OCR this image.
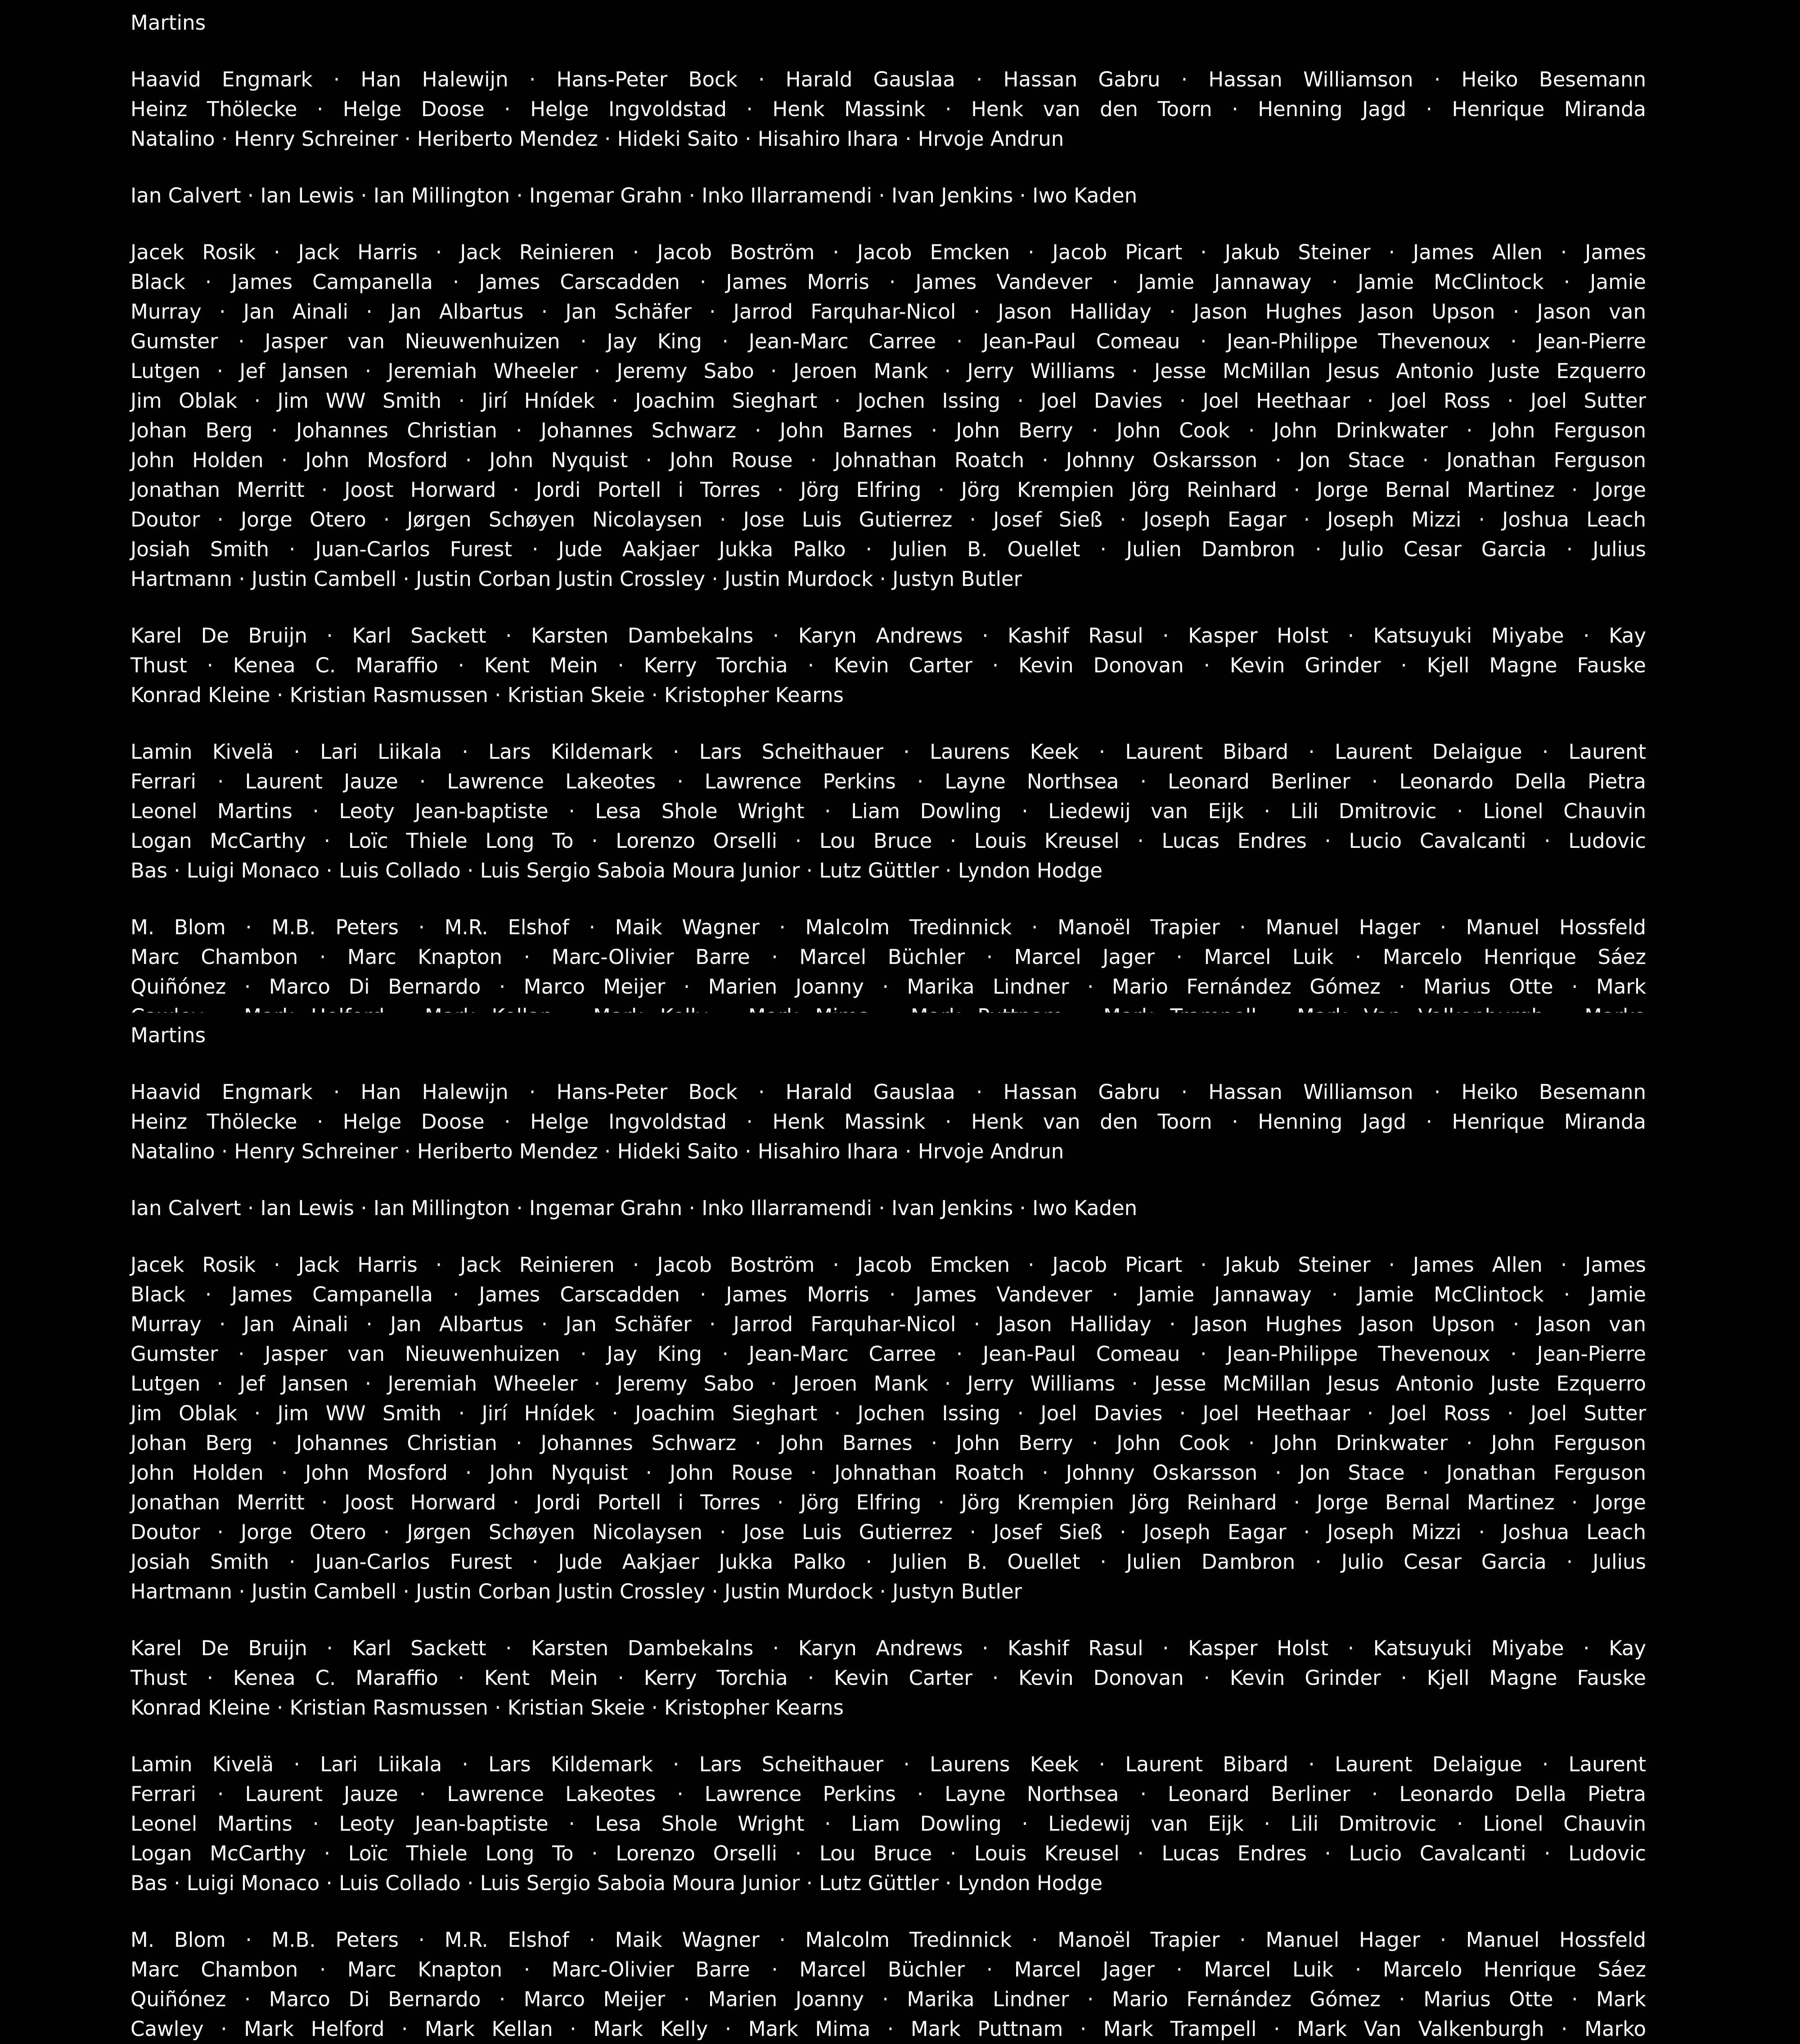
Martins
Haavid Engmark · Han Halewijn · Hans-Peter Bock · Harald Gauslaa · Hassan Gabru · Hassan Williamson · Heiko Besemann
Heinz Thölecke · Helge Doose · Helge Ingvoldstad · Henk Massink · Henk van den Toorn · Henning Jagd · Henrique Miranda
Natalino · Henry Schreiner · Heriberto Mendez · Hideki Saito · Hisahiro Ihara · Hrvoje Andrun
Ian Calvert · Ian Lewis · Ian Millington · Ingemar Grahn · Inko Illarramendi · Ivan Jenkins · Iwo Kaden
Jacek Rosik · Jack Harris · Jack Reinieren · Jacob Boström · Jacob Emcken · Jacob Picart · Jakub Steiner · James Allen · James
Black · James Campanella · James Carscadden · James Morris · James Vandever · Jamie Jannaway · Jamie McClintock · Jamie
Murray · Jan Ainali · Jan Albartus · Jan Schäfer · Jarrod Farquhar-Nicol · Jason Halliday · Jason Hughes Jason Upson · Jason van
Gumster · Jasper van Nieuwenhuizen · Jay King · Jean-Marc Carree · Jean-Paul Comeau · Jean-Philippe Thevenoux · Jean-Pierre
Lutgen · Jef Jansen · Jeremiah Wheeler · Jeremy Sabo · Jeroen Mank · Jerry Williams · Jesse McMillan Jesus Antonio Juste Ezquerro
Jim Oblak · Jim WW Smith · Jirí Hnídek · Joachim Sieghart · Jochen Issing · Joel Davies · Joel Heethaar · Joel Ross · Joel Sutter
Johan Berg · Johannes Christian · Johannes Schwarz · John Barnes · John Berry · John Cook · John Drinkwater · John Ferguson
John Holden · John Mosford · John Nyquist · John Rouse · Johnathan Roatch · Johnny Oskarsson · Jon Stace · Jonathan Ferguson
Jonathan Merritt · Joost Horward · Jordi Portell i Torres · Jörg Elfring · Jörg Krempien Jörg Reinhard · Jorge Bernal Martinez · Jorge
Doutor · Jorge Otero · Jørgen Schøyen Nicolaysen · Jose Luis Gutierrez · Josef Sieß · Joseph Eagar · Joseph Mizzi · Joshua Leach
Josiah Smith · Juan-Carlos Furest · Jude Aakjaer Jukka Palko · Julien B. Ouellet · Julien Dambron · Julio Cesar Garcia · Julius
Hartmann · Justin Cambell · Justin Corban Justin Crossley · Justin Murdock · Justyn Butler
Karel De Bruijn · Karl Sackett · Karsten Dambekalns · Karyn Andrews · Kashif Rasul · Kasper Holst · Katsuyuki Miyabe · Kay
Thust · Kenea C. Maraffio · Kent Mein · Kerry Torchia · Kevin Carter · Kevin Donovan · Kevin Grinder · Kjell Magne Fauske
Konrad Kleine · Kristian Rasmussen · Kristian Skeie · Kristopher Kearns
Lamin Kivelä · Lari Liikala · Lars Kildemark · Lars Scheithauer · Laurens Keek · Laurent Bibard · Laurent Delaigue · Laurent
Ferrari · Laurent Jauze · Lawrence Lakeotes · Lawrence Perkins · Layne Northsea · Leonard Berliner · Leonardo Della Pietra
Leonel Martins · Leoty Jean-baptiste · Lesa Shole Wright · Liam Dowling · Liedewij van Eijk · Lili Dmitrovic · Lionel Chauvin
Logan McCarthy · Loïc Thiele Long To · Lorenzo Orselli · Lou Bruce · Louis Kreusel · Lucas Endres · Lucio Cavalcanti · Ludovic
Bas · Luigi Monaco · Luis Collado · Luis Sergio Saboia Moura Junior · Lutz Güttler · Lyndon Hodge
M. Blom · M.B. Peters · M.R. Elshof · Maik Wagner · Malcolm Tredinnick · Manoël Trapier · Manuel Hager · Manuel Hossfeld
Marc Chambon · Marc Knapton · Marc-Olivier Barre · Marcel Büchler · Marcel Jager · Marcel Luik · Marcelo Henrique Sáez
Quiñónez · Marco Di Bernardo · Marco Meijer · Marien Joanny · Marika Lindner · Mario Fernández Gómez · Marius Otte · Mark
Martins
Haavid Engmark · Han Halewijn · Hans-Peter Bock · Harald Gauslaa · Hassan Gabru · Hassan Williamson · Heiko Besemann
Heinz Thölecke · Helge Doose · Helge Ingvoldstad · Henk Massink · Henk van den Toorn · Henning Jagd · Henrique Miranda
Natalino · Henry Schreiner · Heriberto Mendez · Hideki Saito · Hisahiro Ihara · Hrvoje Andrun
Ian Calvert · Ian Lewis · Ian Millington · Ingemar Grahn · Inko Illarramendi · Ivan Jenkins · Iwo Kaden
Jacek Rosik · Jack Harris · Jack Reinieren · Jacob Boström · Jacob Emcken · Jacob Picart · Jakub Steiner · James Allen · James
Black · James Campanella · James Carscadden · James Morris · James Vandever · Jamie Jannaway · Jamie McClintock · Jamie
Murray · Jan Ainali · Jan Albartus · Jan Schäfer · Jarrod Farquhar-Nicol · Jason Halliday · Jason Hughes Jason Upson · Jason van
Gumster · Jasper van Nieuwenhuizen · Jay King · Jean-Marc Carree · Jean-Paul Comeau · Jean-Philippe Thevenoux · Jean-Pierre
Lutgen · Jef Jansen · Jeremiah Wheeler · Jeremy Sabo · Jeroen Mank · Jerry Williams · Jesse McMillan Jesus Antonio Juste Ezquerro
Jim Oblak · Jim WW Smith · Jirí Hnídek · Joachim Sieghart · Jochen Issing · Joel Davies · Joel Heethaar · Joel Ross · Joel Sutter
Johan Berg · Johannes Christian · Johannes Schwarz · John Barnes · John Berry · John Cook · John Drinkwater · John Ferguson
John Holden · John Mosford · John Nyquist · John Rouse · Johnathan Roatch · Johnny Oskarsson · Jon Stace · Jonathan Ferguson
Jonathan Merritt · Joost Horward · Jordi Portell i Torres · Jörg Elfring · Jörg Krempien Jörg Reinhard · Jorge Bernal Martinez · Jorge
Doutor · Jorge Otero · Jørgen Schøyen Nicolaysen · Jose Luis Gutierrez · Josef Sieß · Joseph Eagar · Joseph Mizzi · Joshua Leach
Josiah Smith · Juan-Carlos Furest · Jude Aakjaer Jukka Palko · Julien B. Ouellet · Julien Dambron · Julio Cesar Garcia · Julius
Hartmann · Justin Cambell · Justin Corban Justin Crossley · Justin Murdock · Justyn Butler
Karel De Bruijn · Karl Sackett · Karsten Dambekalns · Karyn Andrews · Kashif Rasul · Kasper Holst · Katsuyuki Miyabe · Kay
Thust · Kenea C. Maraffio · Kent Mein · Kerry Torchia · Kevin Carter · Kevin Donovan · Kevin Grinder · Kjell Magne Fauske
Konrad Kleine · Kristian Rasmussen · Kristian Skeie · Kristopher Kearns
Lamin Kivelä · Lari Liikala · Lars Kildemark · Lars Scheithauer · Laurens Keek · Laurent Bibard · Laurent Delaigue · Laurent
Ferrari · Laurent Jauze · Lawrence Lakeotes · Lawrence Perkins · Layne Northsea · Leonard Berliner · Leonardo Della Pietra
Leonel Martins · Leoty Jean-baptiste · Lesa Shole Wright · Liam Dowling · Liedewij van Eijk · Lili Dmitrovic · Lionel Chauvin
Logan McCarthy · Loïc Thiele Long To · Lorenzo Orselli · Lou Bruce · Louis Kreusel · Lucas Endres · Lucio Cavalcanti · Ludovic
Bas · Luigi Monaco · Luis Collado · Luis Sergio Saboia Moura Junior · Lutz Güttler · Lyndon Hodge
M. Blom · M.B. Peters · M.R. Elshof · Maik Wagner · Malcolm Tredinnick · Manoël Trapier · Manuel Hager · Manuel Hossfeld
Marc Chambon · Marc Knapton · Marc-Olivier Barre · Marcel Büchler · Marcel Jager · Marcel Luik · Marcelo Henrique Sáez
Quiñónez · Marco Di Bernardo · Marco Meijer · Marien Joanny · Marika Lindner · Mario Fernández Gómez · Marius Otte · Mark
Cawley · Mark Helford · Mark Kellan · Mark Kelly · Mark Mima · Mark Puttnam · Mark Trampell · Mark Van Valkenburgh · Marko
